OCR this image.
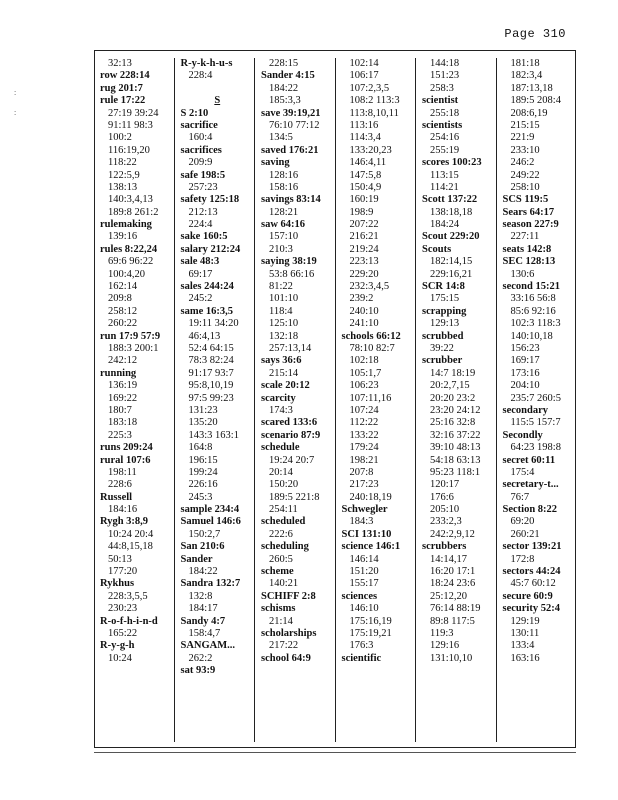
Page 310
:
:
32:13
row 228:14
rug 201:7
rule 17:22
27:19 39:24
91:11 98:3
100:2
116:19,20
118:22
122:5,9
138:13
140:3,4,13
189:8 261:2
rulemaking
139:16
rules 8:22,24
69:6 96:22
100:4,20
162:14
209:8
258:12
260:22
run 17:9 57:9
188:3 200:1
242:12
running
136:19
169:22
180:7
183:18
225:3
runs 209:24
rural 107:6
198:11
228:6
Russell
184:16
Rygh 3:8,9
10:24 20:4
44:8,15,18
50:13
177:20
Rykhus
228:3,5,5
230:23
R-o-f-h-i-n-d
165:22
R-y-g-h
10:24
R-y-k-h-u-s
228:4
S
S 2:10
sacrifice
160:4
sacrifices
209:9
safe 198:5
257:23
safety 125:18
212:13
224:4
sake 160:5
salary 212:24
sale 48:3
69:17
sales 244:24
245:2
same 16:3,5
19:11 34:20
46:4,13
52:4 64:15
78:3 82:24
91:17 93:7
95:8,10,19
97:5 99:23
131:23
135:20
143:3 163:1
164:8
196:15
199:24
226:16
245:3
sample 234:4
Samuel 146:6
150:2,7
San 210:6
Sander
184:22
Sandra 132:7
132:8
184:17
Sandy 4:7
158:4,7
SANGAM...
262:2
sat 93:9
228:15
Sander 4:15
184:22
185:3,3
save 39:19,21
76:10 77:12
134:5
saved 176:21
saving
128:16
158:16
savings 83:14
128:21
saw 64:16
157:10
210:3
saying 38:19
53:8 66:16
81:22
101:10
118:4
125:10
132:18
257:13,14
says 36:6
215:14
scale 20:12
scarcity
174:3
scared 133:6
scenario 87:9
schedule
19:24 20:7
20:14
150:20
189:5 221:8
254:11
scheduled
222:6
scheduling
260:5
scheme
140:21
SCHIFF 2:8
schisms
21:14
scholarships
217:22
school 64:9
102:14
106:17
107:2,3,5
108:2 113:3
113:8,10,11
113:16
114:3,4
133:20,23
146:4,11
147:5,8
150:4,9
160:19
198:9
207:22
216:21
219:24
223:13
229:20
232:3,4,5
239:2
240:10
241:10
schools 66:12
78:10 82:7
102:18
105:1,7
106:23
107:11,16
107:24
112:22
133:22
179:24
198:21
207:8
217:23
240:18,19
Schwegler
184:3
SCI 131:10
science 146:1
146:14
151:20
155:17
sciences
146:10
175:16,19
175:19,21
176:3
scientific
144:18
151:23
258:3
scientist
255:18
scientists
254:16
255:19
scores 100:23
113:15
114:21
Scott 137:22
138:18,18
184:24
Scout 229:20
Scouts
182:14,15
229:16,21
SCR 14:8
175:15
scrapping
129:13
scrubbed
39:22
scrubber
14:7 18:19
20:2,7,15
20:20 23:2
23:20 24:12
25:16 32:8
32:16 37:22
39:10 48:13
54:18 63:13
95:23 118:1
120:17
176:6
205:10
233:2,3
242:2,9,12
scrubbers
14:14,17
16:20 17:1
18:24 23:6
25:12,20
76:14 88:19
89:8 117:5
119:3
129:16
131:10,10
181:18
182:3,4
187:13,18
189:5 208:4
208:6,19
215:15
221:9
233:10
246:2
249:22
258:10
SCS 119:5
Sears 64:17
season 227:9
227:11
seats 142:8
SEC 128:13
130:6
second 15:21
33:16 56:8
85:6 92:16
102:3 118:3
140:10,18
156:23
169:17
173:16
204:10
235:7 260:5
secondary
115:5 157:7
Secondly
64:23 198:8
secret 60:11
175:4
secretary-t...
76:7
Section 8:22
69:20
260:21
sector 139:21
172:8
sectors 44:24
45:7 60:12
secure 60:9
security 52:4
129:19
130:11
133:4
163:16
